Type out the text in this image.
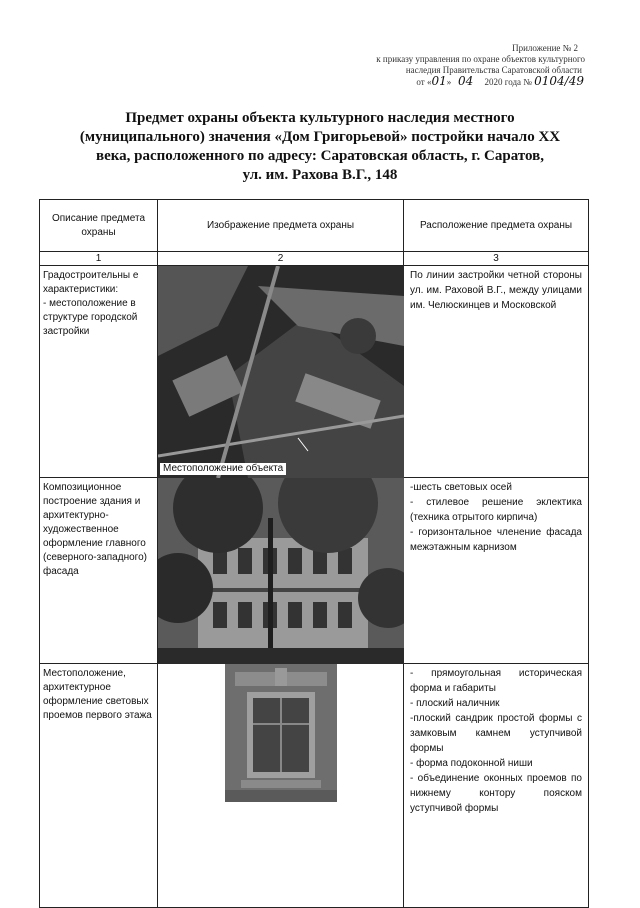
Приложение № 2
к приказу управления по охране объектов культурного
наследия Правительства Саратовской области
от «01» 04 2020 года № 0104/49
Предмет охраны объекта культурного наследия местного
(муниципального) значения «Дом Григорьевой» постройки начало XX
века, расположенного по адресу: Саратовская область, г. Саратов,
ул. им. Рахова В.Г., 148
Описание предмета охраны	Изображение предмета охраны	Расположение предмета охраны
1	2	3

Градостроительны е характеристики:
- местоположение в структуре городской застройки	Местоположение объекта	По линии застройки четной стороны ул. им. Раховой В.Г., между улицами им. Челюскинцев и Московской

Композиционное построение здания и архитектурно-художественное оформление главного (северного-западного) фасада		-шесть световых осей
- стилевое решение эклектика (техника отрытого кирпича)
- горизонтальное членение фасада межэтажным карнизом

Местоположение, архитектурное оформление световых проемов первого этажа		- прямоугольная историческая форма и габариты
- плоский наличник
-плоский сандрик простой формы с замковым камнем уступчивой формы
- форма подоконной ниши
- объединение оконных проемов по нижнему контору пояском уступчивой формы
